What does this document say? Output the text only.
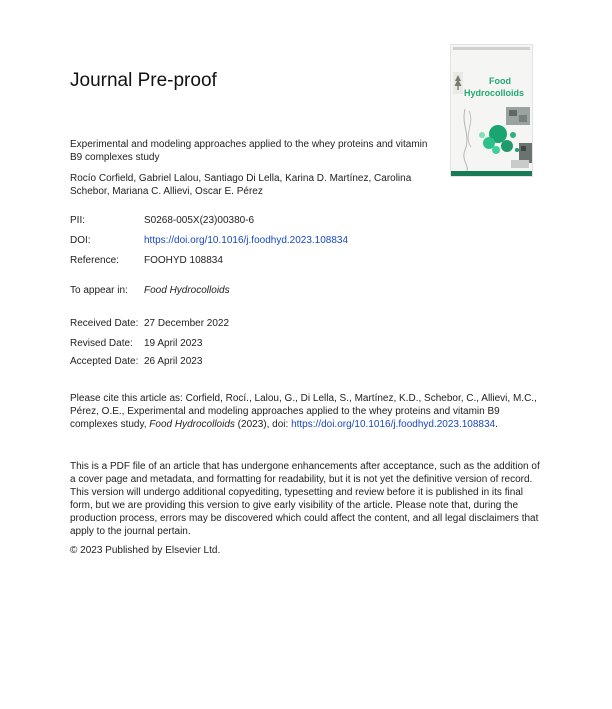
Journal Pre-proof	Food
Hydrocolloids
Experimental and modeling approaches applied to the whey proteins and vitamin B9 complexes study
Rocío Corfield, Gabriel Lalou, Santiago Di Lella, Karina D. Martínez, Carolina Schebor, Mariana C. Allievi, Oscar E. Pérez
PII:	S0268-005X(23)00380-6
DOI:	https://doi.org/10.1016/j.foodhyd.2023.108834
Reference:	FOOHYD 108834
To appear in: Food Hydrocolloids
Received Date: 27 December 2022
Revised Date: 19 April 2023
Accepted Date: 26 April 2023
Please cite this article as: Corfield, Rocí., Lalou, G., Di Lella, S., Martínez, K.D., Schebor, C., Allievi, M.C., Pérez, O.E., Experimental and modeling approaches applied to the whey proteins and vitamin B9 complexes study, Food Hydrocolloids (2023), doi: https://doi.org/10.1016/j.foodhyd.2023.108834.
This is a PDF file of an article that has undergone enhancements after acceptance, such as the addition of a cover page and metadata, and formatting for readability, but it is not yet the definitive version of record. This version will undergo additional copyediting, typesetting and review before it is published in its final form, but we are providing this version to give early visibility of the article. Please note that, during the production process, errors may be discovered which could affect the content, and all legal disclaimers that apply to the journal pertain.
© 2023 Published by Elsevier Ltd.
